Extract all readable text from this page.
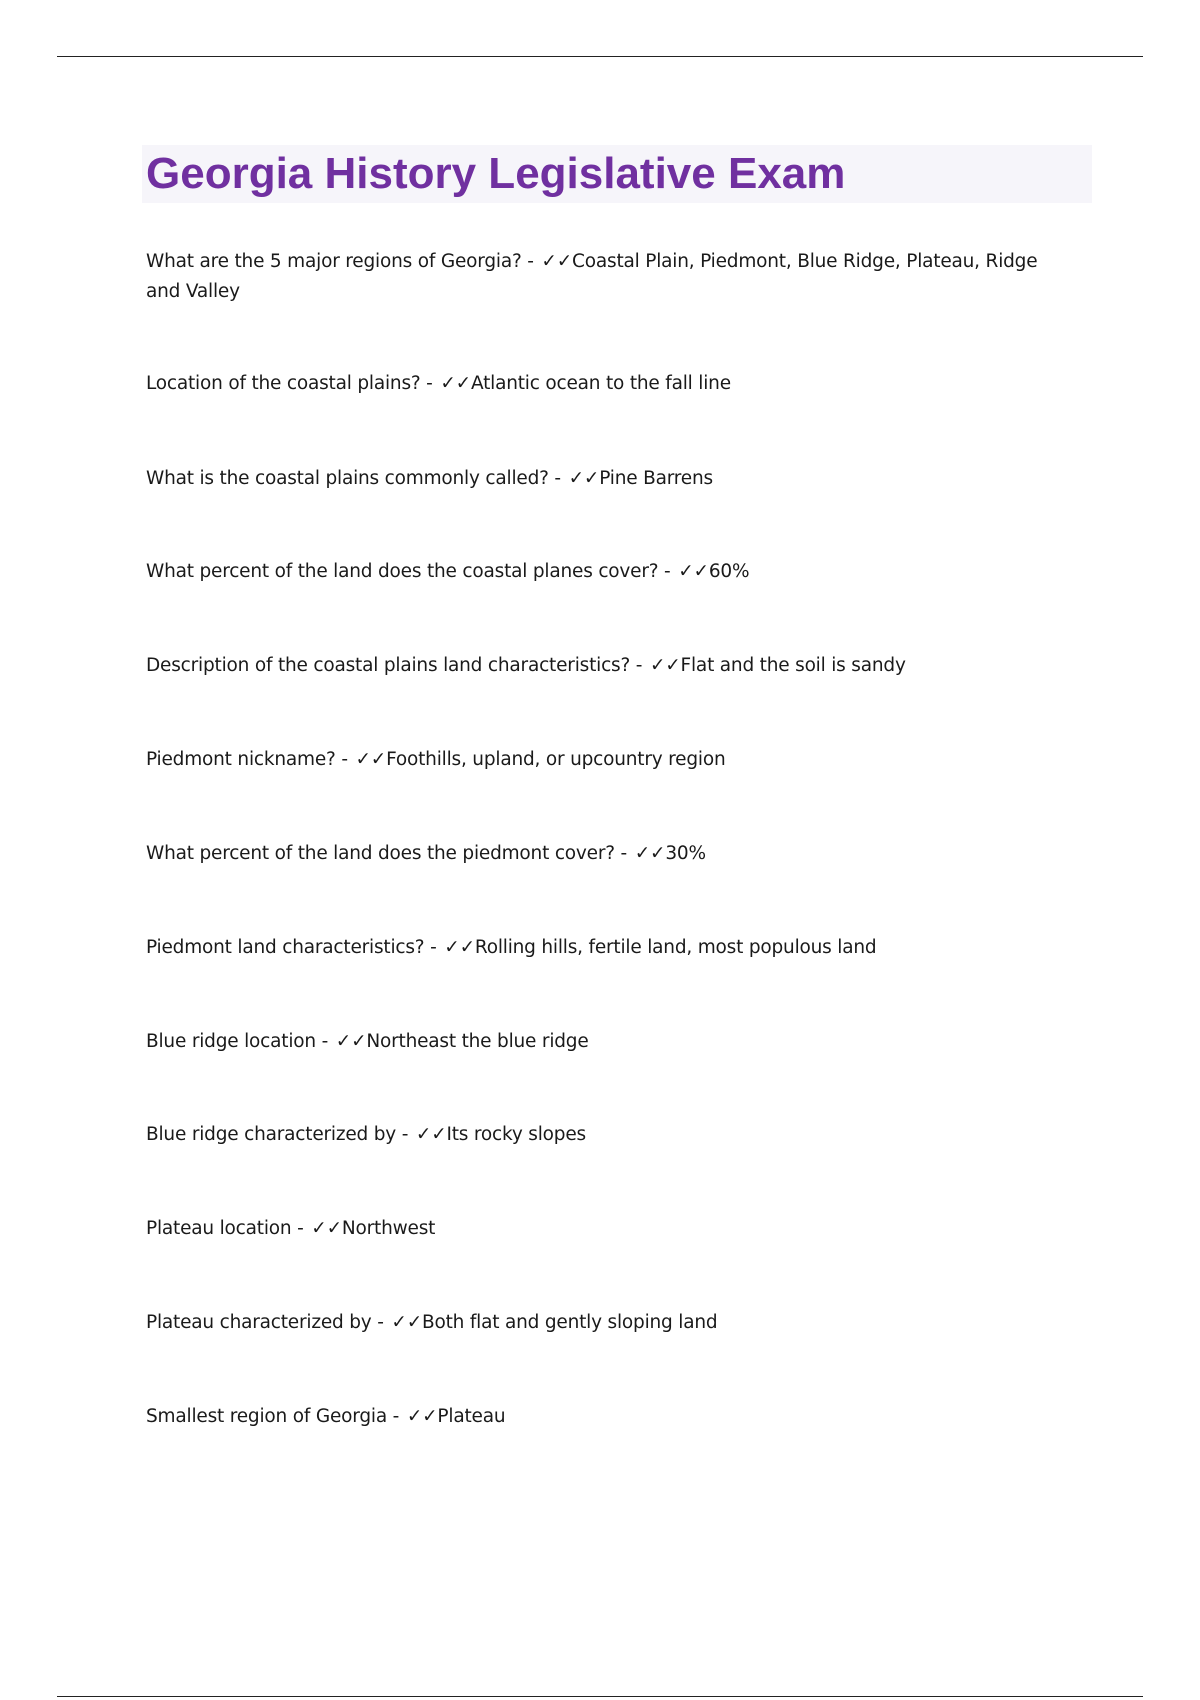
Georgia History Legislative Exam

What are the 5 major regions of Georgia? - ✓✓Coastal Plain, Piedmont, Blue Ridge, Plateau, Ridge and Valley

Location of the coastal plains? - ✓✓Atlantic ocean to the fall line

What is the coastal plains commonly called? - ✓✓Pine Barrens

What percent of the land does the coastal planes cover? - ✓✓60%

Description of the coastal plains land characteristics? - ✓✓Flat and the soil is sandy

Piedmont nickname? - ✓✓Foothills, upland, or upcountry region

What percent of the land does the piedmont cover? - ✓✓30%

Piedmont land characteristics? - ✓✓Rolling hills, fertile land, most populous land

Blue ridge location - ✓✓Northeast the blue ridge

Blue ridge characterized by - ✓✓Its rocky slopes

Plateau location - ✓✓Northwest

Plateau characterized by - ✓✓Both flat and gently sloping land

Smallest region of Georgia - ✓✓Plateau
